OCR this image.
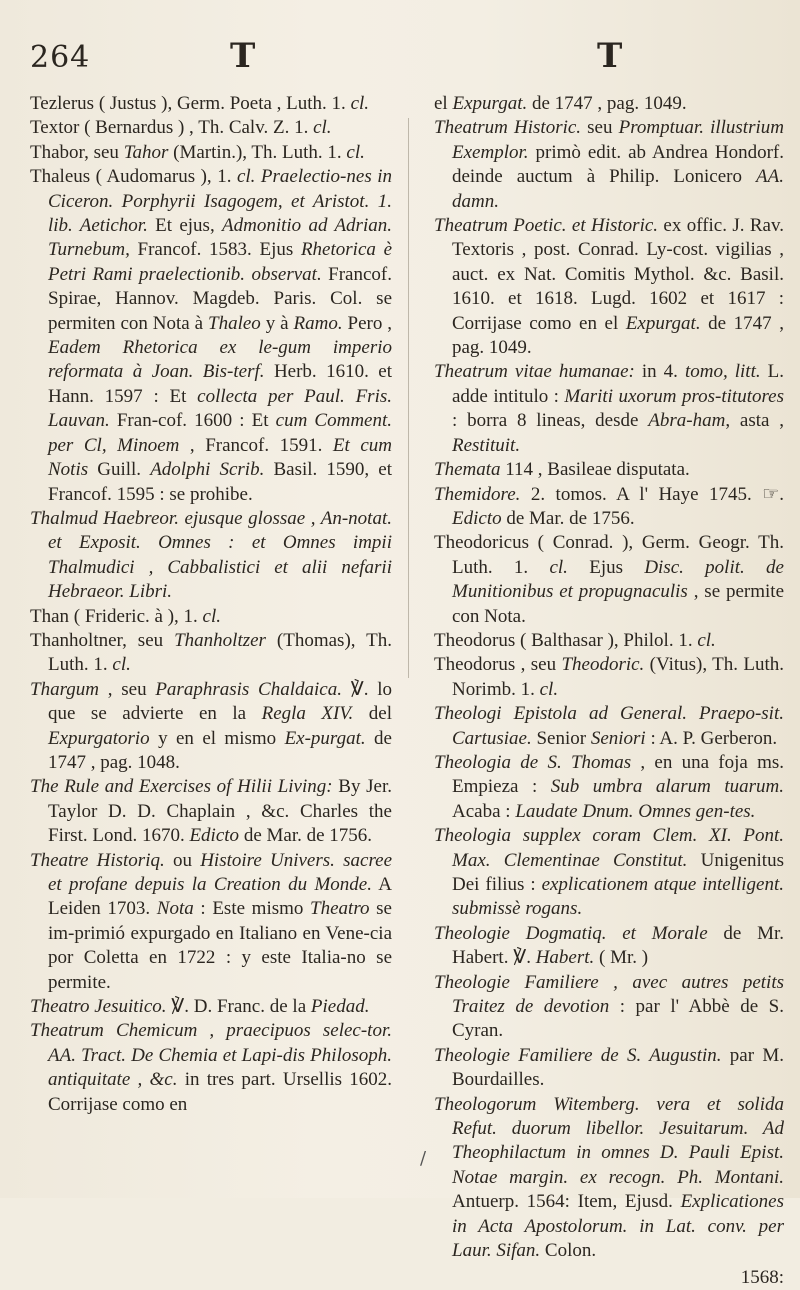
264	T	T

Tezlerus ( Justus ), Germ. Poeta , Luth. 1. cl.

Textor ( Bernardus ) , Th. Calv. Z. 1. cl.

Thabor, seu Tahor (Martin.), Th. Luth. 1. cl.

Thaleus ( Audomarus ), 1. cl. Praelectio-nes in Ciceron. Porphyrii Isagogem, et Aristot. 1. lib. Aetichor. Et ejus, Admonitio ad Adrian. Turnebum, Francof. 1583. Ejus Rhetorica è Petri Rami praelectionib. observat. Francof. Spirae, Hannov. Magdeb. Paris. Col. se permiten con Nota à Thaleo y à Ramo. Pero , Eadem Rhetorica ex le-gum imperio reformata à Joan. Bis-terf. Herb. 1610. et Hann. 1597 : Et collecta per Paul. Fris. Lauvan. Fran-cof. 1600 : Et cum Comment. per Cl, Minoem , Francof. 1591. Et cum Notis Guill. Adolphi Scrib. Basil. 1590, et Francof. 1595 : se prohibe.

Thalmud Haebreor. ejusque glossae , An-notat. et Exposit. Omnes : et Omnes impii Thalmudici , Cabbalistici et alii nefarii Hebraeor. Libri.

Than ( Frideric. à ), 1. cl.

Thanholtner, seu Thanholtzer (Thomas), Th. Luth. 1. cl.

Thargum , seu Paraphrasis Chaldaica. ℣. lo que se advierte en la Regla XIV. del Expurgatorio y en el mismo Ex-purgat. de 1747 , pag. 1048.

The Rule and Exercises of Hilii Living: By Jer. Taylor D. D. Chaplain , &c. Charles the First. Lond. 1670. Edicto de Mar. de 1756.

Theatre Historiq. ou Histoire Univers. sacree et profane depuis la Creation du Monde. A Leiden 1703. Nota : Este mismo Theatro se im-primió expurgado en Italiano en Vene-cia por Coletta en 1722 : y este Italia-no se permite.

Theatro Jesuitico. ℣. D. Franc. de la Piedad.

Theatrum Chemicum , praecipuos selec-tor. AA. Tract. De Chemia et Lapi-dis Philosoph. antiquitate , &c. in tres part. Ursellis 1602. Corrijase como en

el Expurgat. de 1747 , pag. 1049.

Theatrum Historic. seu Promptuar. illustrium Exemplor. primò edit. ab Andrea Hondorf. deinde auctum à Philip. Lonicero AA. damn.

Theatrum Poetic. et Historic. ex offic. J. Rav. Textoris , post. Conrad. Ly-cost. vigilias , auct. ex Nat. Comitis Mythol. &c. Basil. 1610. et 1618. Lugd. 1602 et 1617 : Corrijase como en el Expurgat. de 1747 , pag. 1049.

Theatrum vitae humanae: in 4. tomo, litt. L. adde intitulo : Mariti uxorum pros-titutores : borra 8 lineas, desde Abra-ham, asta , Restituit.

Themata 114 , Basileae disputata.

Themidore. 2. tomos. A l' Haye 1745. ☞. Edicto de Mar. de 1756.

Theodoricus ( Conrad. ), Germ. Geogr. Th. Luth. 1. cl. Ejus Disc. polit. de Munitionibus et propugnaculis , se permite con Nota.

Theodorus ( Balthasar ), Philol. 1. cl.

Theodorus , seu Theodoric. (Vitus), Th. Luth. Norimb. 1. cl.

Theologi Epistola ad General. Praepo-sit. Cartusiae. Senior Seniori : A. P. Gerberon.

Theologia de S. Thomas , en una foja ms. Empieza : Sub umbra alarum tuarum. Acaba : Laudate Dnum. Omnes gen-tes.

Theologia supplex coram Clem. XI. Pont. Max. Clementinae Constitut. Unigenitus Dei filius : explicationem atque intelligent. submissè rogans.

Theologie Dogmatiq. et Morale de Mr. Habert. ℣. Habert. ( Mr. )

Theologie Familiere , avec autres petits Traitez de devotion : par l' Abbè de S. Cyran.

Theologie Familiere de S. Augustin. par M. Bourdailles.

Theologorum Witemberg. vera et solida Refut. duorum libellor. Jesuitarum. Ad Theophilactum in omnes D. Pauli Epist. Notae margin. ex recogn. Ph. Montani. Antuerp. 1564: Item, Ejusd. Explicationes in Acta Apostolorum. in Lat. conv. per Laur. Sifan. Colon.

1568:
/
